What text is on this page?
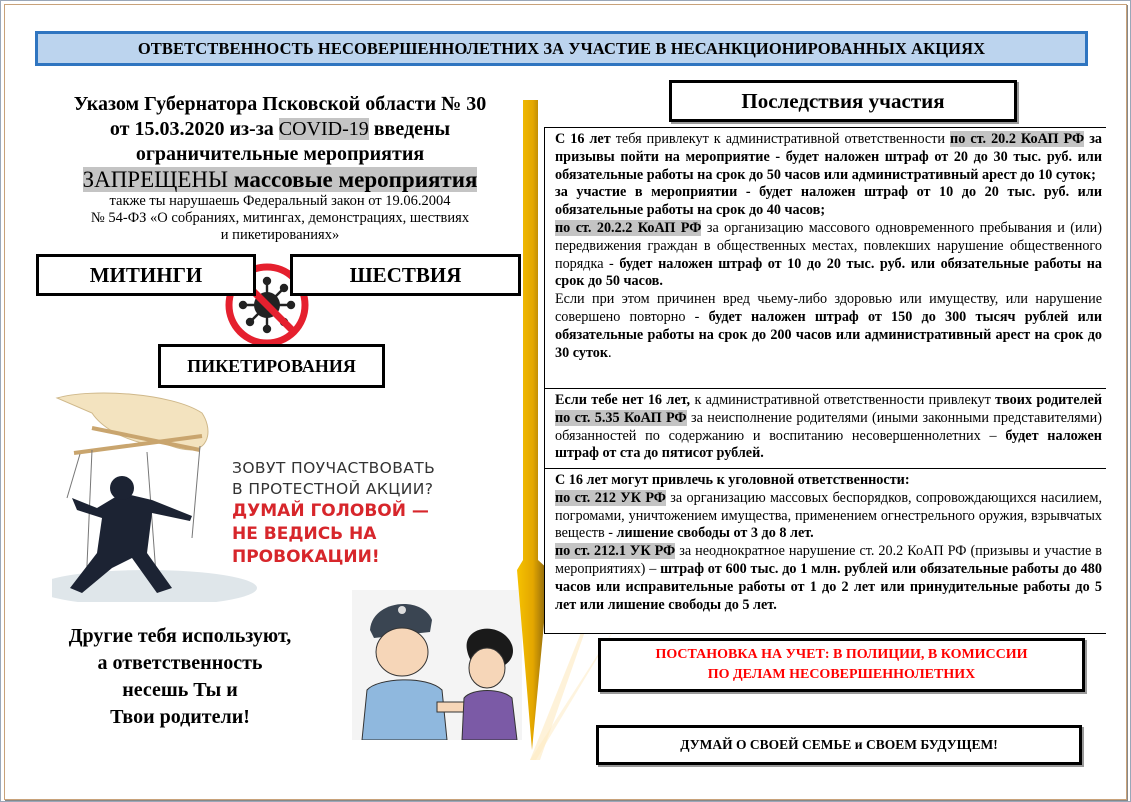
ОТВЕТСТВЕННОСТЬ НЕСОВЕРШЕННОЛЕТНИХ ЗА УЧАСТИЕ В НЕСАНКЦИОНИРОВАННЫХ АКЦИЯХ
Указом Губернатора Псковской области № 30
от 15.03.2020 из-за COVID-19 введены
ограничительные мероприятия
ЗАПРЕЩЕНЫ массовые мероприятия
также ты нарушаешь Федеральный закон от 19.06.2004
№ 54-ФЗ «О собраниях, митингах, демонстрациях, шествиях
и пикетированиях»
МИТИНГИ	ШЕСТВИЯ
ПИКЕТИРОВАНИЯ
ЗОВУТ ПОУЧАСТВОВАТЬ
В ПРОТЕСТНОЙ АКЦИИ?
ДУМАЙ ГОЛОВОЙ —
НЕ ВЕДИСЬ НА
ПРОВОКАЦИИ!
Другие тебя используют,
а ответственность
несешь Ты и
Твои родители!
Последствия участия

С 16 лет тебя привлекут к административной ответственности по ст. 20.2 КоАП РФ за призывы пойти на мероприятие - будет наложен штраф от 20 до 30 тыс. руб. или обязательные работы на срок до 50 часов или административный арест до 10 суток;

за участие в мероприятии - будет наложен штраф от 10 до 20 тыс. руб. или обязательные работы на срок до 40 часов;

по ст. 20.2.2 КоАП РФ за организацию массового одновременного пребывания и (или) передвижения граждан в общественных местах, повлекших нарушение общественного порядка - будет наложен штраф от 10 до 20 тыс. руб. или обязательные работы на срок до 50 часов.

Если при этом причинен вред чьему-либо здоровью или имуществу, или нарушение совершено повторно - будет наложен штраф от 150 до 300 тысяч рублей или обязательные работы на срок до 200 часов или административный арест на срок до 30 суток.

Если тебе нет 16 лет, к административной ответственности привлекут твоих родителей по ст. 5.35 КоАП РФ за неисполнение родителями (иными законными представителями) обязанностей по содержанию и воспитанию несовершеннолетних – будет наложен штраф от ста до пятисот рублей.

С 16 лет могут привлечь к уголовной ответственности:

по ст. 212 УК РФ за организацию массовых беспорядков, сопровождающихся насилием, погромами, уничтожением имущества, применением огнестрельного оружия, взрывчатых веществ - лишение свободы от 3 до 8 лет.

по ст. 212.1 УК РФ за неоднократное нарушение ст. 20.2 КоАП РФ (призывы и участие в мероприятиях) – штраф от 600 тыс. до 1 млн. рублей или обязательные работы до 480 часов или исправительные работы от 1 до 2 лет или принудительные работы до 5 лет или лишение свободы до 5 лет.

ПОСТАНОВКА НА УЧЕТ: В ПОЛИЦИИ, В КОМИССИИ
ПО ДЕЛАМ НЕСОВЕРШЕННОЛЕТНИХ
ДУМАЙ О СВОЕЙ СЕМЬЕ и СВОЕМ БУДУЩЕМ!
